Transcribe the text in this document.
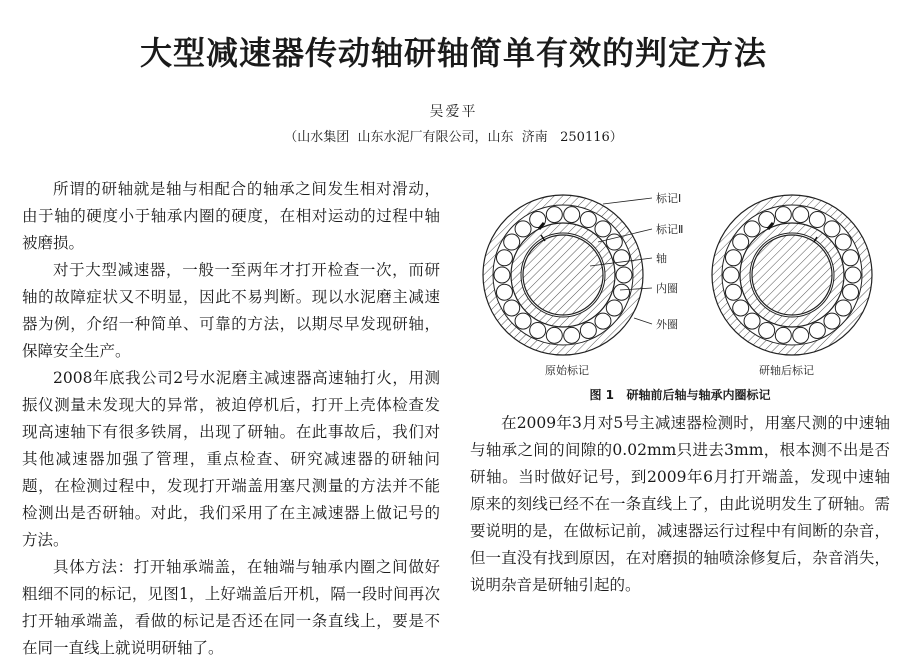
大型减速器传动轴研轴简单有效的判定方法
吴爱平
（山水集团  山东水泥厂有限公司，山东  济南   250116）

所谓的研轴就是轴与相配合的轴承之间发生相对滑动，由于轴的硬度小于轴承内圈的硬度，在相对运动的过程中轴被磨损。

对于大型减速器，一般一至两年才打开检查一次，而研轴的故障症状又不明显，因此不易判断。现以水泥磨主减速器为例，介绍一种简单、可靠的方法，以期尽早发现研轴，保障安全生产。

2008年底我公司2号水泥磨主减速器高速轴打火，用测振仪测量未发现大的异常，被迫停机后，打开上壳体检查发现高速轴下有很多铁屑，出现了研轴。在此事故后，我们对其他减速器加强了管理，重点检查、研究减速器的研轴问题，在检测过程中，发现打开端盖用塞尺测量的方法并不能检测出是否研轴。对此，我们采用了在主减速器上做记号的方法。

具体方法：打开轴承端盖，在轴端与轴承内圈之间做好粗细不同的标记，见图1，上好端盖后开机，隔一段时间再次打开轴承端盖，看做的标记是否还在同一条直线上，要是不在同一直线上就说明研轴了。

标记Ⅰ
标记Ⅱ
轴
内圈
外圈
原始标记	研轴后标记
图 1   研轴前后轴与轴承内圈标记

在2009年3月对5号主减速器检测时，用塞尺测的中速轴与轴承之间的间隙的0.02mm只进去3mm，根本测不出是否研轴。当时做好记号，到2009年6月打开端盖，发现中速轴原来的刻线已经不在一条直线上了，由此说明发生了研轴。需要说明的是，在做标记前，减速器运行过程中有间断的杂音，但一直没有找到原因，在对磨损的轴喷涂修复后，杂音消失，说明杂音是研轴引起的。
